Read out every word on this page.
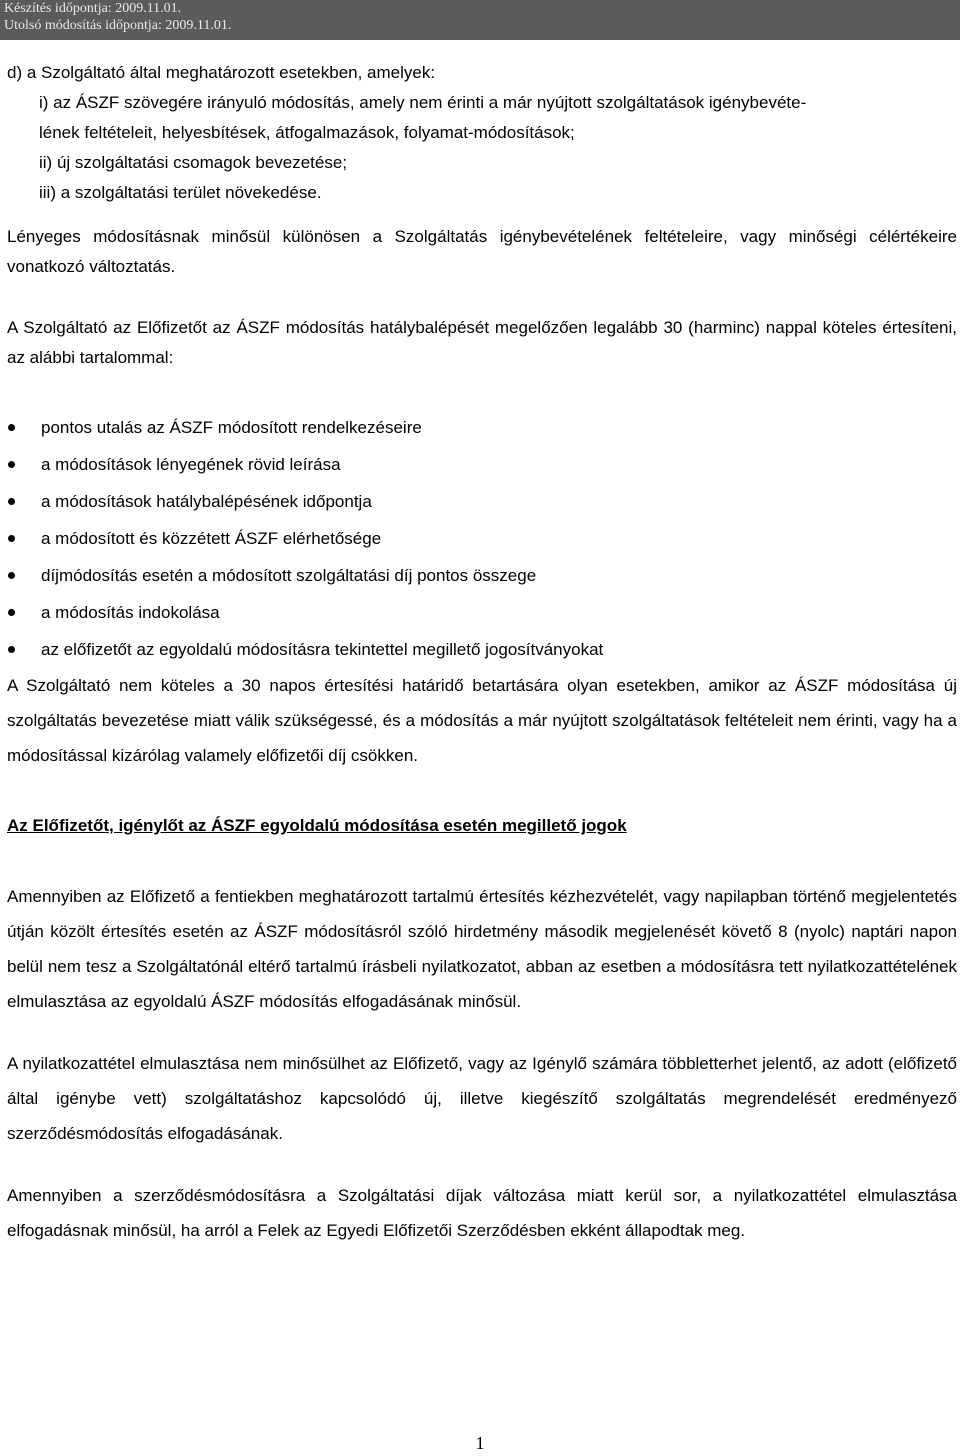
Készítés időpontja: 2009.11.01.
Utolsó módosítás időpontja: 2009.11.01.

d) a Szolgáltató által meghatározott esetekben, amelyek:

i) az ÁSZF szövegére irányuló módosítás, amely nem érinti a már nyújtott szolgáltatások igénybevéte-

lének feltételeit, helyesbítések, átfogalmazások, folyamat-módosítások;

ii) új szolgáltatási csomagok bevezetése;

iii) a szolgáltatási terület növekedése.

Lényeges módosításnak minősül különösen a Szolgáltatás igénybevételének feltételeire, vagy minőségi célértékeire vonatkozó változtatás.

A Szolgáltató az Előfizetőt az ÁSZF módosítás hatálybalépését megelőzően legalább 30 (harminc) nappal köteles értesíteni, az alábbi tartalommal:

pontos utalás az ÁSZF módosított rendelkezéseire
a módosítások lényegének rövid leírása
a módosítások hatálybalépésének időpontja
a módosított és közzétett ÁSZF elérhetősége
díjmódosítás esetén a módosított szolgáltatási díj pontos összege
a módosítás indokolása
az előfizetőt az egyoldalú módosításra tekintettel megillető jogosítványokat

A Szolgáltató nem köteles a 30 napos értesítési határidő betartására olyan esetekben, amikor az ÁSZF módosítása új szolgáltatás bevezetése miatt válik szükségessé, és a módosítás a már nyújtott szolgáltatások feltételeit nem érinti, vagy ha a módosítással kizárólag valamely előfizetői díj csökken.

Az Előfizetőt, igénylőt az ÁSZF egyoldalú módosítása esetén megillető jogok

Amennyiben az Előfizető a fentiekben meghatározott tartalmú értesítés kézhezvételét, vagy napilapban történő megjelentetés útján közölt értesítés esetén az ÁSZF módosításról szóló hirdetmény második megjelenését követő 8 (nyolc) naptári napon belül nem tesz a Szolgáltatónál eltérő tartalmú írásbeli nyilatkozatot, abban az esetben a módosításra tett nyilatkozattételének elmulasztása az egyoldalú ÁSZF módosítás elfogadásának minősül.

A nyilatkozattétel elmulasztása nem minősülhet az Előfizető, vagy az Igénylő számára többletterhet jelentő, az adott (előfizető által igénybe vett) szolgáltatáshoz kapcsolódó új, illetve kiegészítő szolgáltatás megrendelését eredményező szerződésmódosítás elfogadásának.

Amennyiben a szerződésmódosításra a Szolgáltatási díjak változása miatt kerül sor, a nyilatkozattétel elmulasztása elfogadásnak minősül, ha arról a Felek az Egyedi Előfizetői Szerződésben ekként állapodtak meg.

1
